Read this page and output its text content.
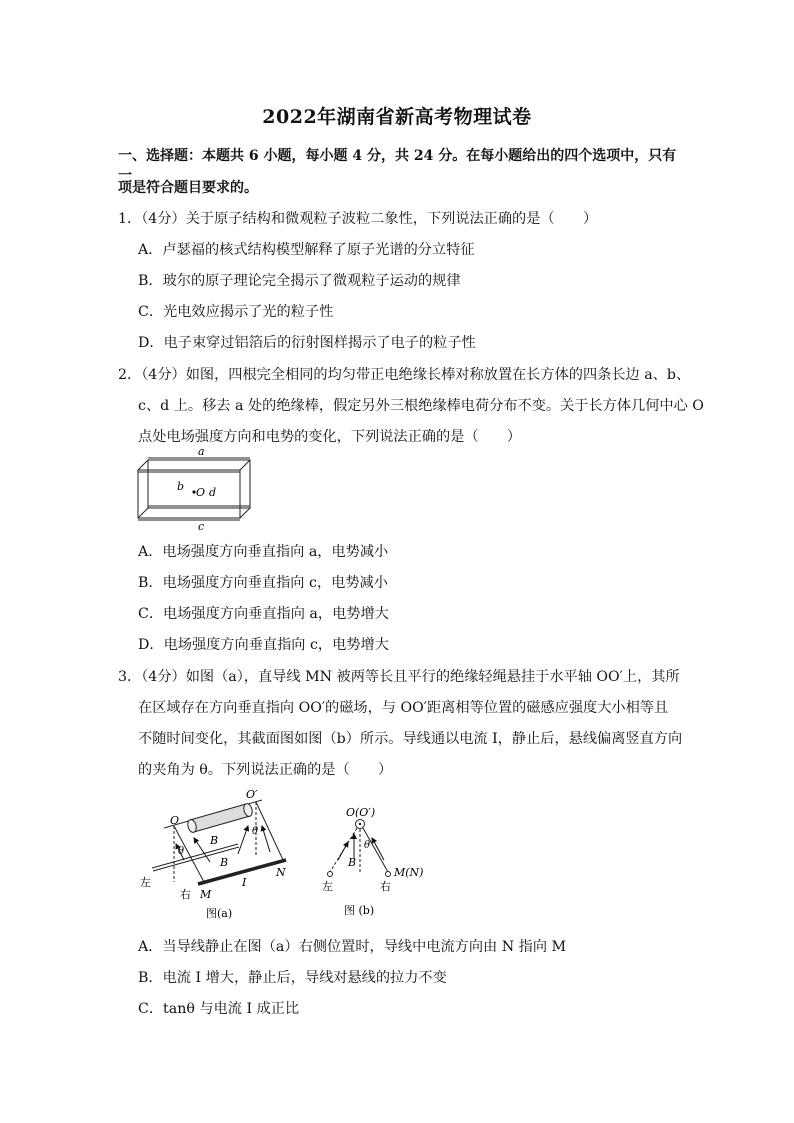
2022年湖南省新高考物理试卷
一、选择题：本题共 6 小题，每小题 4 分，共 24 分。在每小题给出的四个选项中，只有一
项是符合题目要求的。
1．（4分）关于原子结构和微观粒子波粒二象性，下列说法正确的是（　　）
A．卢瑟福的核式结构模型解释了原子光谱的分立特征
B．玻尔的原子理论完全揭示了微观粒子运动的规律
C．光电效应揭示了光的粒子性
D．电子束穿过铝箔后的衍射图样揭示了电子的粒子性
2．（4分）如图，四根完全相同的均匀带正电绝缘长棒对称放置在长方体的四条长边 a、b、
c、d 上。移去 a 处的绝缘棒，假定另外三根绝缘棒电荷分布不变。关于长方体几何中心 O
点处电场强度方向和电势的变化，下列说法正确的是（　　）
a
b O d
c
A．电场强度方向垂直指向 a，电势减小
B．电场强度方向垂直指向 c，电势减小
C．电场强度方向垂直指向 a，电势增大
D．电场强度方向垂直指向 c，电势增大
3．（4分）如图（a），直导线 MN 被两等长且平行的绝缘轻绳悬挂于水平轴 OO′上，其所
在区域存在方向垂直指向 OO′的磁场，与 OO′距离相等位置的磁感应强度大小相等且
不随时间变化，其截面图如图（b）所示。导线通以电流 I，静止后，悬线偏离竖直方向
的夹角为 θ。下列说法正确的是（　　）
O
O′
θ
θ
B
B
左
右 M
I
N
图(a)
O(O′)
θ
B
左	右
M(N)
图 (b)
A．当导线静止在图（a）右侧位置时，导线中电流方向由 N 指向 M
B．电流 I 增大，静止后，导线对悬线的拉力不变
C．tanθ 与电流 I 成正比
